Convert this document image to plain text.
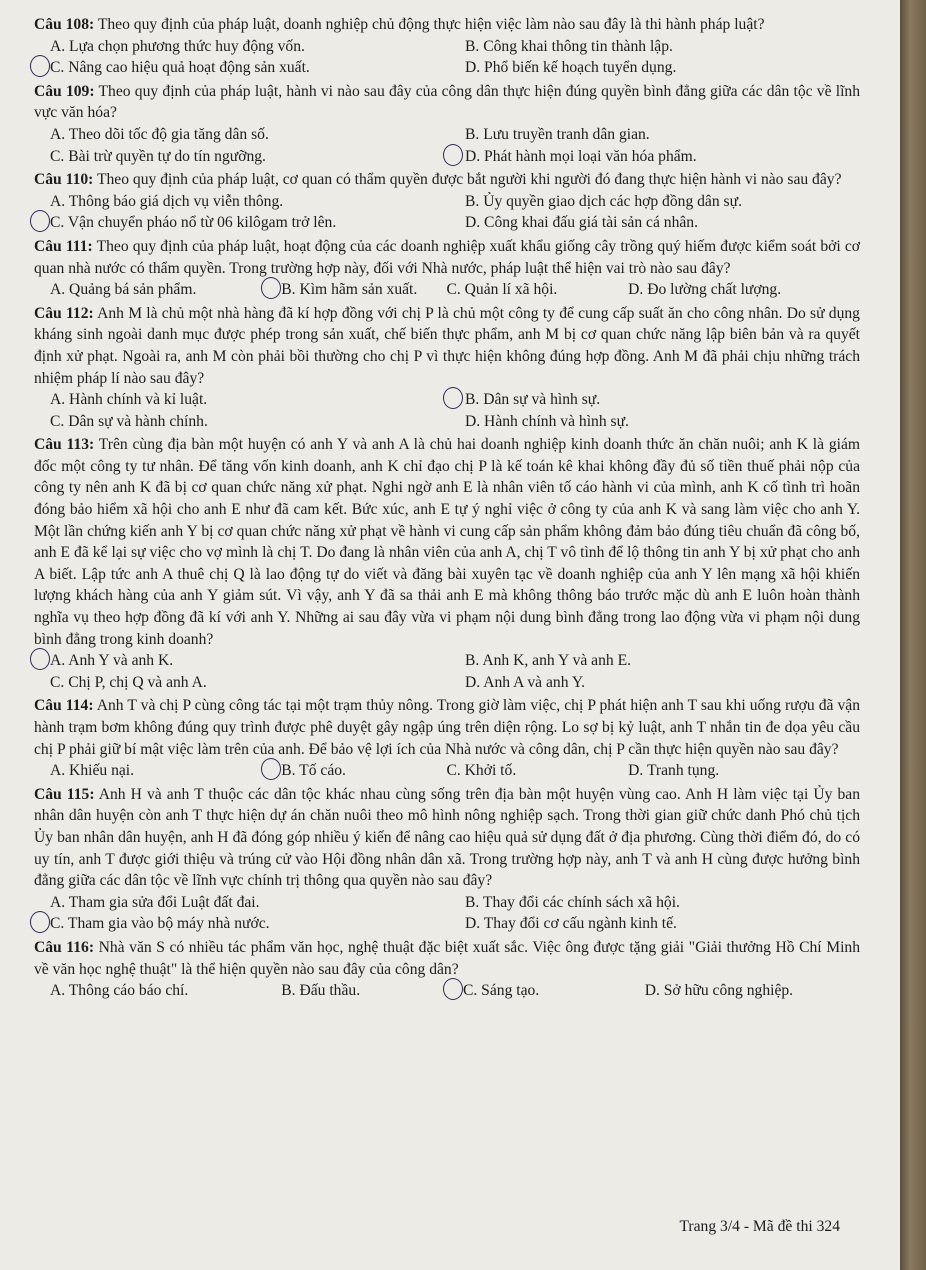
Câu 108: Theo quy định của pháp luật, doanh nghiệp chủ động thực hiện việc làm nào sau đây là thi hành pháp luật?
A. Lựa chọn phương thức huy động vốn.	B. Công khai thông tin thành lập.
C. Nâng cao hiệu quả hoạt động sản xuất.	D. Phổ biến kế hoạch tuyển dụng.
Câu 109: Theo quy định của pháp luật, hành vi nào sau đây của công dân thực hiện đúng quyền bình đẳng giữa các dân tộc về lĩnh vực văn hóa?
A. Theo dõi tốc độ gia tăng dân số.	B. Lưu truyền tranh dân gian.
C. Bài trừ quyền tự do tín ngưỡng.	D. Phát hành mọi loại văn hóa phẩm.
Câu 110: Theo quy định của pháp luật, cơ quan có thẩm quyền được bắt người khi người đó đang thực hiện hành vi nào sau đây?
A. Thông báo giá dịch vụ viễn thông.	B. Ủy quyền giao dịch các hợp đồng dân sự.
C. Vận chuyển pháo nổ từ 06 kilôgam trở lên.	D. Công khai đấu giá tài sản cá nhân.
Câu 111: Theo quy định của pháp luật, hoạt động của các doanh nghiệp xuất khẩu giống cây trồng quý hiếm được kiểm soát bởi cơ quan nhà nước có thẩm quyền. Trong trường hợp này, đối với Nhà nước, pháp luật thể hiện vai trò nào sau đây?
A. Quảng bá sản phẩm.	B. Kìm hãm sản xuất.	C. Quản lí xã hội.	D. Đo lường chất lượng.
Câu 112: Anh M là chủ một nhà hàng đã kí hợp đồng với chị P là chủ một công ty để cung cấp suất ăn cho công nhân. Do sử dụng kháng sinh ngoài danh mục được phép trong sản xuất, chế biến thực phẩm, anh M bị cơ quan chức năng lập biên bản và ra quyết định xử phạt. Ngoài ra, anh M còn phải bồi thường cho chị P vì thực hiện không đúng hợp đồng. Anh M đã phải chịu những trách nhiệm pháp lí nào sau đây?
A. Hành chính và kỉ luật.	B. Dân sự và hình sự.
C. Dân sự và hành chính.	D. Hành chính và hình sự.
Câu 113: Trên cùng địa bàn một huyện có anh Y và anh A là chủ hai doanh nghiệp kinh doanh thức ăn chăn nuôi; anh K là giám đốc một công ty tư nhân. Để tăng vốn kinh doanh, anh K chỉ đạo chị P là kế toán kê khai không đầy đủ số tiền thuế phải nộp của công ty nên anh K đã bị cơ quan chức năng xử phạt. Nghi ngờ anh E là nhân viên tố cáo hành vi của mình, anh K cố tình trì hoãn đóng bảo hiểm xã hội cho anh E như đã cam kết. Bức xúc, anh E tự ý nghỉ việc ở công ty của anh K và sang làm việc cho anh Y. Một lần chứng kiến anh Y bị cơ quan chức năng xử phạt về hành vi cung cấp sản phẩm không đảm bảo đúng tiêu chuẩn đã công bố, anh E đã kể lại sự việc cho vợ mình là chị T. Do đang là nhân viên của anh A, chị T vô tình để lộ thông tin anh Y bị xử phạt cho anh A biết. Lập tức anh A thuê chị Q là lao động tự do viết và đăng bài xuyên tạc về doanh nghiệp của anh Y lên mạng xã hội khiến lượng khách hàng của anh Y giảm sút. Vì vậy, anh Y đã sa thải anh E mà không thông báo trước mặc dù anh E luôn hoàn thành nghĩa vụ theo hợp đồng đã kí với anh Y. Những ai sau đây vừa vi phạm nội dung bình đẳng trong lao động vừa vi phạm nội dung bình đẳng trong kinh doanh?
A. Anh Y và anh K.	B. Anh K, anh Y và anh E.
C. Chị P, chị Q và anh A.	D. Anh A và anh Y.
Câu 114: Anh T và chị P cùng công tác tại một trạm thủy nông. Trong giờ làm việc, chị P phát hiện anh T sau khi uống rượu đã vận hành trạm bơm không đúng quy trình được phê duyệt gây ngập úng trên diện rộng. Lo sợ bị kỷ luật, anh T nhắn tin đe dọa yêu cầu chị P phải giữ bí mật việc làm trên của anh. Để bảo vệ lợi ích của Nhà nước và công dân, chị P cần thực hiện quyền nào sau đây?
A. Khiếu nại.	B. Tố cáo.	C. Khởi tố.	D. Tranh tụng.
Câu 115: Anh H và anh T thuộc các dân tộc khác nhau cùng sống trên địa bàn một huyện vùng cao. Anh H làm việc tại Ủy ban nhân dân huyện còn anh T thực hiện dự án chăn nuôi theo mô hình nông nghiệp sạch. Trong thời gian giữ chức danh Phó chủ tịch Ủy ban nhân dân huyện, anh H đã đóng góp nhiều ý kiến để nâng cao hiệu quả sử dụng đất ở địa phương. Cùng thời điểm đó, do có uy tín, anh T được giới thiệu và trúng cử vào Hội đồng nhân dân xã. Trong trường hợp này, anh T và anh H cùng được hưởng bình đẳng giữa các dân tộc về lĩnh vực chính trị thông qua quyền nào sau đây?
A. Tham gia sửa đổi Luật đất đai.	B. Thay đổi các chính sách xã hội.
C. Tham gia vào bộ máy nhà nước.	D. Thay đổi cơ cấu ngành kinh tế.
Câu 116: Nhà văn S có nhiều tác phẩm văn học, nghệ thuật đặc biệt xuất sắc. Việc ông được tặng giải "Giải thưởng Hồ Chí Minh về văn học nghệ thuật" là thể hiện quyền nào sau đây của công dân?
A. Thông cáo báo chí.	B. Đấu thầu.	C. Sáng tạo.	D. Sở hữu công nghiệp.
Trang 3/4 - Mã đề thi 324
